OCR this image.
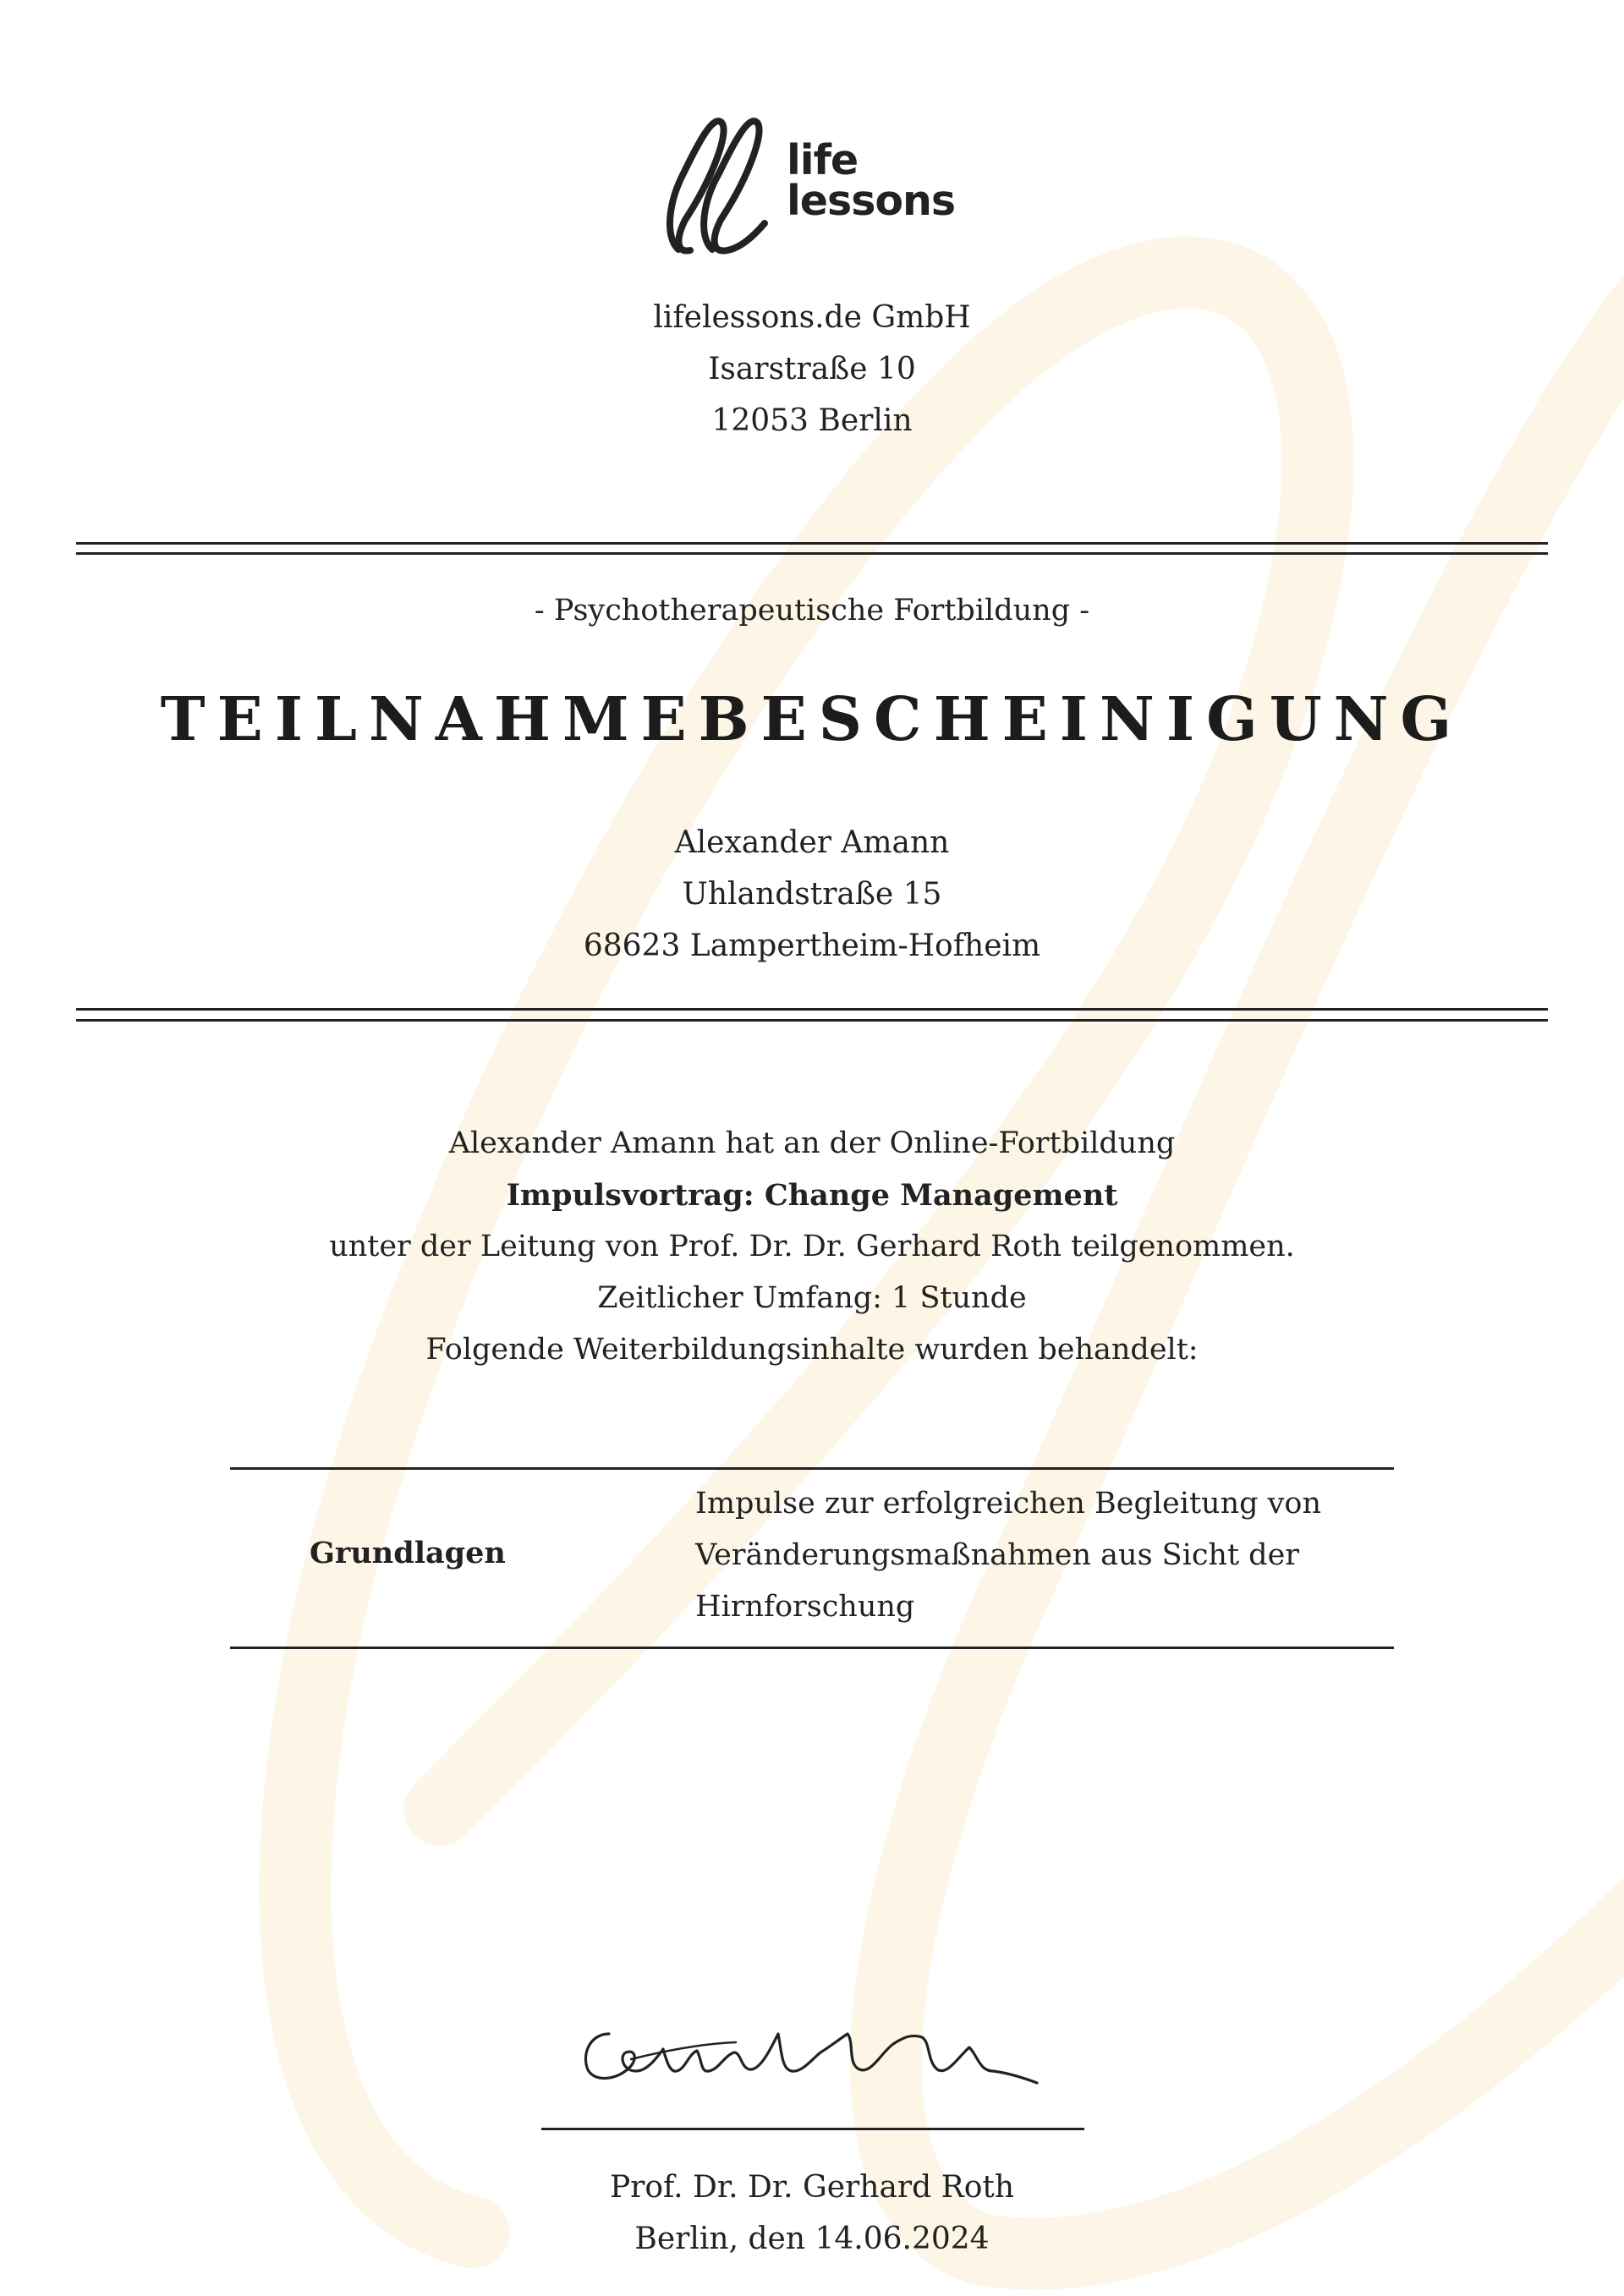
life
lessons
lifelessons.de GmbH
Isarstraße 10
12053 Berlin
- Psychotherapeutische Fortbildung -
TEILNAHMEBESCHEINIGUNG
Alexander Amann
Uhlandstraße 15
68623 Lampertheim-Hofheim
Alexander Amann hat an der Online-Fortbildung
Impulsvortrag: Change Management
unter der Leitung von Prof. Dr. Dr. Gerhard Roth teilgenommen.
Zeitlicher Umfang: 1 Stunde
Folgende Weiterbildungsinhalte wurden behandelt:
Grundlagen
Impulse zur erfolgreichen Begleitung von
Veränderungsmaßnahmen aus Sicht der
Hirnforschung
Prof. Dr. Dr. Gerhard Roth
Berlin, den 14.06.2024
